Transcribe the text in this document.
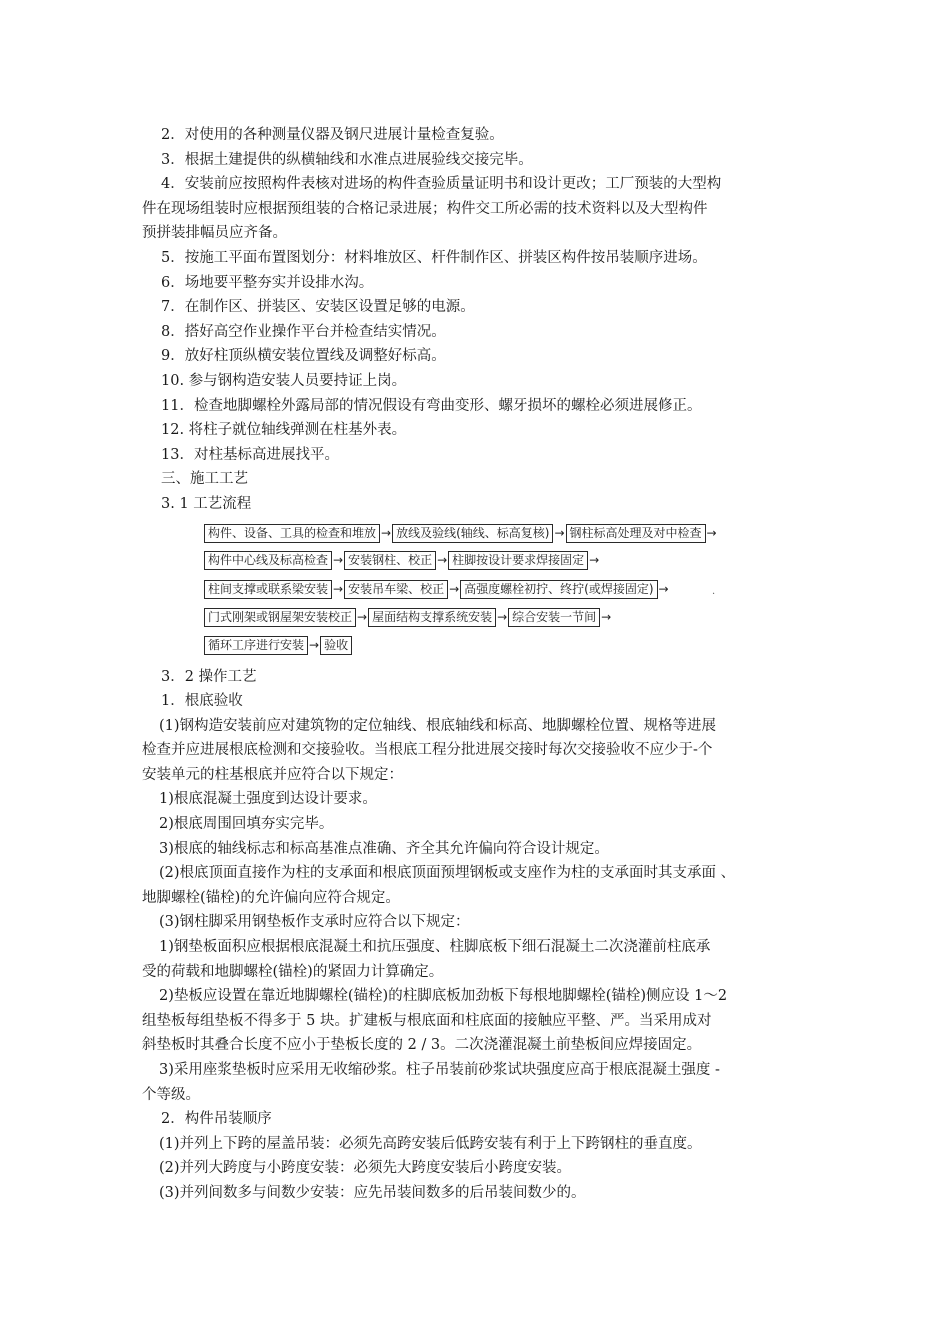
2．对使用的各种测量仪器及钢尺进展计量检查复验。

3．根据土建提供的纵横轴线和水准点进展验线交接完毕。

4．安装前应按照构件表核对进场的构件查验质量证明书和设计更改；工厂预装的大型构

件在现场组装时应根据预组装的合格记录进展；构件交工所必需的技术资料以及大型构件

预拼装排幅员应齐备。

5．按施工平面布置图划分：材料堆放区、杆件制作区、拼装区构件按吊装顺序进场。

6．场地要平整夯实并设排水沟。

7．在制作区、拼装区、安装区设置足够的电源。

8．搭好高空作业操作平台并检查结实情况。

9．放好柱顶纵横安装位置线及调整好标高。

10. 参与钢构造安装人员要持证上岗。

11．检查地脚螺栓外露局部的情况假设有弯曲变形、螺牙损坏的螺栓必须进展修正。

12. 将柱子就位轴线弹测在柱基外表。

13．对柱基标高进展找平。

三、施工工艺

3. 1 工艺流程

构件、设备、工具的检查和堆放 → 放线及验线(轴线、标高复核) → 钢柱标高处理及对中检查 →
构件中心线及标高检查 → 安装钢柱、校正 → 柱脚按设计要求焊接固定 →
柱间支撑或联系梁安装 → 安装吊车梁、校正 → 高强度螺栓初拧、终拧(或焊接固定) →
门式刚架或钢屋架安装校正 → 屋面结构支撑系统安装 → 综合安装一节间 →
循环工序进行安装 → 验收
·

3．2 操作工艺

1．根底验收

(1)钢构造安装前应对建筑物的定位轴线、根底轴线和标高、地脚螺栓位置、规格等进展

检查并应进展根底检测和交接验收。当根底工程分批进展交接时每次交接验收不应少于-个

安装单元的柱基根底并应符合以下规定：

1)根底混凝土强度到达设计要求。

2)根底周围回填夯实完毕。

3)根底的轴线标志和标高基准点准确、齐全其允许偏向符合设计规定。

(2)根底顶面直接作为柱的支承面和根底顶面预埋钢板或支座作为柱的支承面时其支承面 、

地脚螺栓(锚栓)的允许偏向应符合规定。

(3)钢柱脚采用钢垫板作支承时应符合以下规定：

1)钢垫板面积应根据根底混凝土和抗压强度、柱脚底板下细石混凝土二次浇灌前柱底承

受的荷载和地脚螺栓(锚栓)的紧固力计算确定。

2)垫板应设置在靠近地脚螺栓(锚栓)的柱脚底板加劲板下每根地脚螺栓(锚栓)侧应设 1～2

组垫板每组垫板不得多于 5 块。扩建板与根底面和柱底面的接触应平整、严。当采用成对

斜垫板时其叠合长度不应小于垫板长度的 2 / 3。二次浇灌混凝土前垫板间应焊接固定。

3)采用座浆垫板时应采用无收缩砂浆。柱子吊装前砂浆试块强度应高于根底混凝土强度 -

个等级。

2．构件吊装顺序

(1)并列上下跨的屋盖吊装：必须先高跨安装后低跨安装有利于上下跨钢柱的垂直度。

(2)并列大跨度与小跨度安装：必须先大跨度安装后小跨度安装。

(3)并列间数多与间数少安装：应先吊装间数多的后吊装间数少的。
